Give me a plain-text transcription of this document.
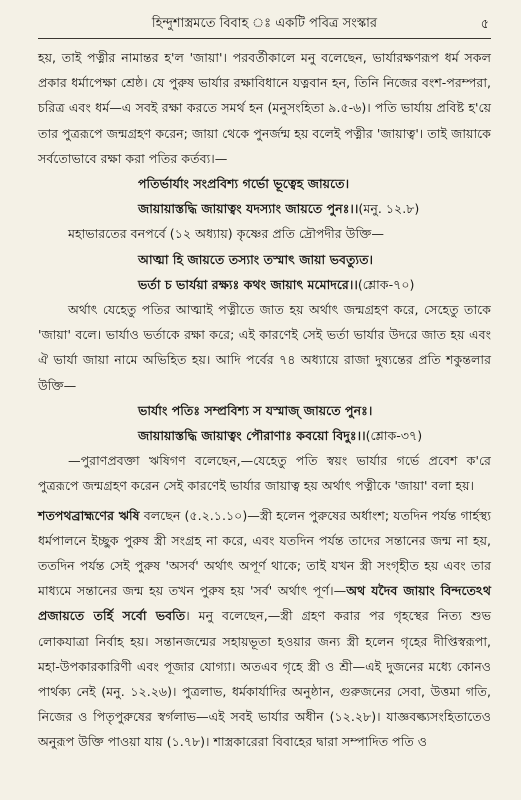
হিন্দুশাস্ত্রমতে বিবাহ ঃ একটি পবিত্র সংস্কার	৫

হয়, তাই পত্নীর নামান্তর হ'ল 'জায়া'। পরবর্তীকালে মনু বলেছেন, ভার্যারক্ষণরূপ ধর্ম সকল প্রকার ধর্মাপেক্ষা শ্রেষ্ঠ। যে পুরুষ ভার্যার রক্ষাবিধানে যত্নবান হন, তিনি নিজের বংশ-পরম্পরা, চরিত্র এবং ধর্ম—এ সবই রক্ষা করতে সমর্থ হন (মনুসংহিতা ৯.৫-৬)। পতি ভার্যায় প্রবিষ্ট হ'য়ে তার পুত্ররূপে জন্মগ্রহণ করেন; জায়া থেকে পুনর্জন্ম হয় বলেই পত্নীর 'জায়াত্ব'। তাই জায়াকে সর্বতোভাবে রক্ষা করা পতির কর্তব্য।—

পতির্ভার্যাং সংপ্রবিশ্য গর্ভো ভূত্বেহ জায়তে।

জায়ায়াস্তদ্ধি জায়াত্বং যদস্যাং জায়তে পুনঃ।।(মনু. ১২.৮)

মহাভারতের বনপর্বে (১২ অধ্যায়) কৃষ্ণের প্রতি দ্রৌপদীর উক্তি—

আত্মা হি জায়তে তস্যাং তস্মাৎ জায়া ভবত্যুত।

ভর্তা চ ভার্যয়া রক্ষ্যঃ কথং জায়াৎ মমোদরে।।(শ্লোক-৭০)

অর্থাৎ যেহেতু পতির আত্মাই পত্নীতে জাত হয় অর্থাৎ জন্মগ্রহণ করে, সেহেতু তাকে 'জায়া' বলে। ভার্যাও ভর্তাকে রক্ষা করে; এই কারণেই সেই ভর্তা ভার্যার উদরে জাত হয় এবং ঐ ভার্যা জায়া নামে অভিহিত হয়। আদি পর্বের ৭৪ অধ্যায়ে রাজা দুষ্যন্তের প্রতি শকুন্তলার উক্তি—

ভার্যাং পতিঃ সম্প্রবিশ্য স যস্মাজ্ জায়তে পুনঃ।

জায়ায়াস্তদ্ধি জায়াত্বং পৌরাণাঃ কবয়ো বিদুঃ।।(শ্লোক-৩৭)

—পুরাণপ্রবক্তা ঋষিগণ বলেছেন,—যেহেতু পতি স্বয়ং ভার্যার গর্ভে প্রবেশ ক'রে পুত্ররূপে জন্মগ্রহণ করেন সেই কারণেই ভার্যার জায়াত্ব হয় অর্থাৎ পত্নীকে 'জায়া' বলা হয়।

শতপথব্রাহ্মণের ঋষি বলছেন (৫.২.১.১০)—স্ত্রী হলেন পুরুষের অর্ধাংশ; যতদিন পর্যন্ত গার্হস্থ্য ধর্মপালনে ইচ্ছুক পুরুষ স্ত্রী সংগ্রহ না করে, এবং যতদিন পর্যন্ত তাদের সন্তানের জন্ম না হয়, ততদিন পর্যন্ত সেই পুরুষ 'অসর্ব' অর্থাৎ অপূর্ণ থাকে; তাই যখন স্ত্রী সংগৃহীত হয় এবং তার মাধ্যমে সন্তানের জন্ম হয় তখন পুরুষ হয় 'সর্ব' অর্থাৎ পূর্ণ।—অথ যদৈব জায়াং বিন্দতেঽথ প্রজায়তে তর্হি সর্বো ভবতি। মনু বলেছেন,—স্ত্রী গ্রহণ করার পর গৃহস্থের নিত্য শুভ লোকযাত্রা নির্বাহ হয়। সন্তানজন্মের সহায়ভূতা হওয়ার জন্য স্ত্রী হলেন গৃহের দীপ্তিস্বরূপা, মহা-উপকারকারিণী এবং পূজার যোগ্যা। অতএব গৃহে স্ত্রী ও শ্রী—এই দুজনের মধ্যে কোনও পার্থক্য নেই (মনু. ১২.২৬)। পুত্রলাভ, ধর্মকার্যাদির অনুষ্ঠান, গুরুজনের সেবা, উত্তমা গতি, নিজের ও পিতৃপুরুষের স্বর্গলাভ—এই সবই ভার্যার অধীন (১২.২৮)। যাজ্ঞবল্ক্যসংহিতাতেও অনুরূপ উক্তি পাওয়া যায় (১.৭৮)। শাস্ত্রকারেরা বিবাহের দ্বারা সম্পাদিত পতি ও
